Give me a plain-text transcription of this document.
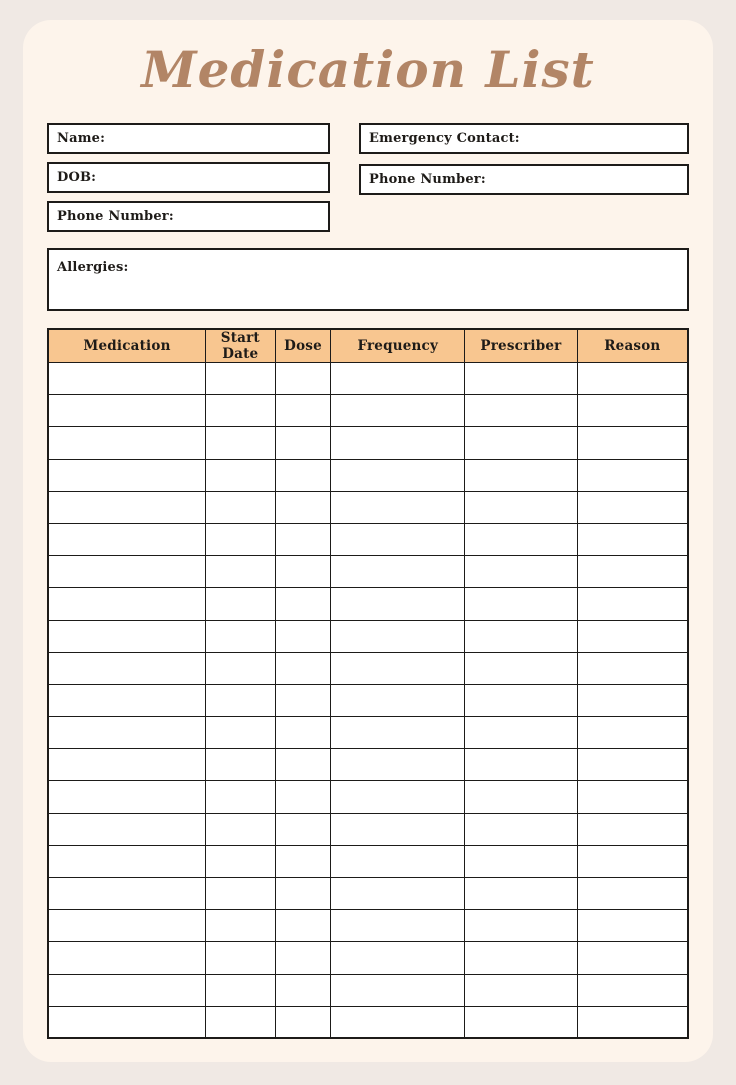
Medication List
Name:
DOB:
Phone Number:
Emergency Contact:
Phone Number:
Allergies:
Medication	Start Date	Dose	Frequency	Prescriber	Reason
